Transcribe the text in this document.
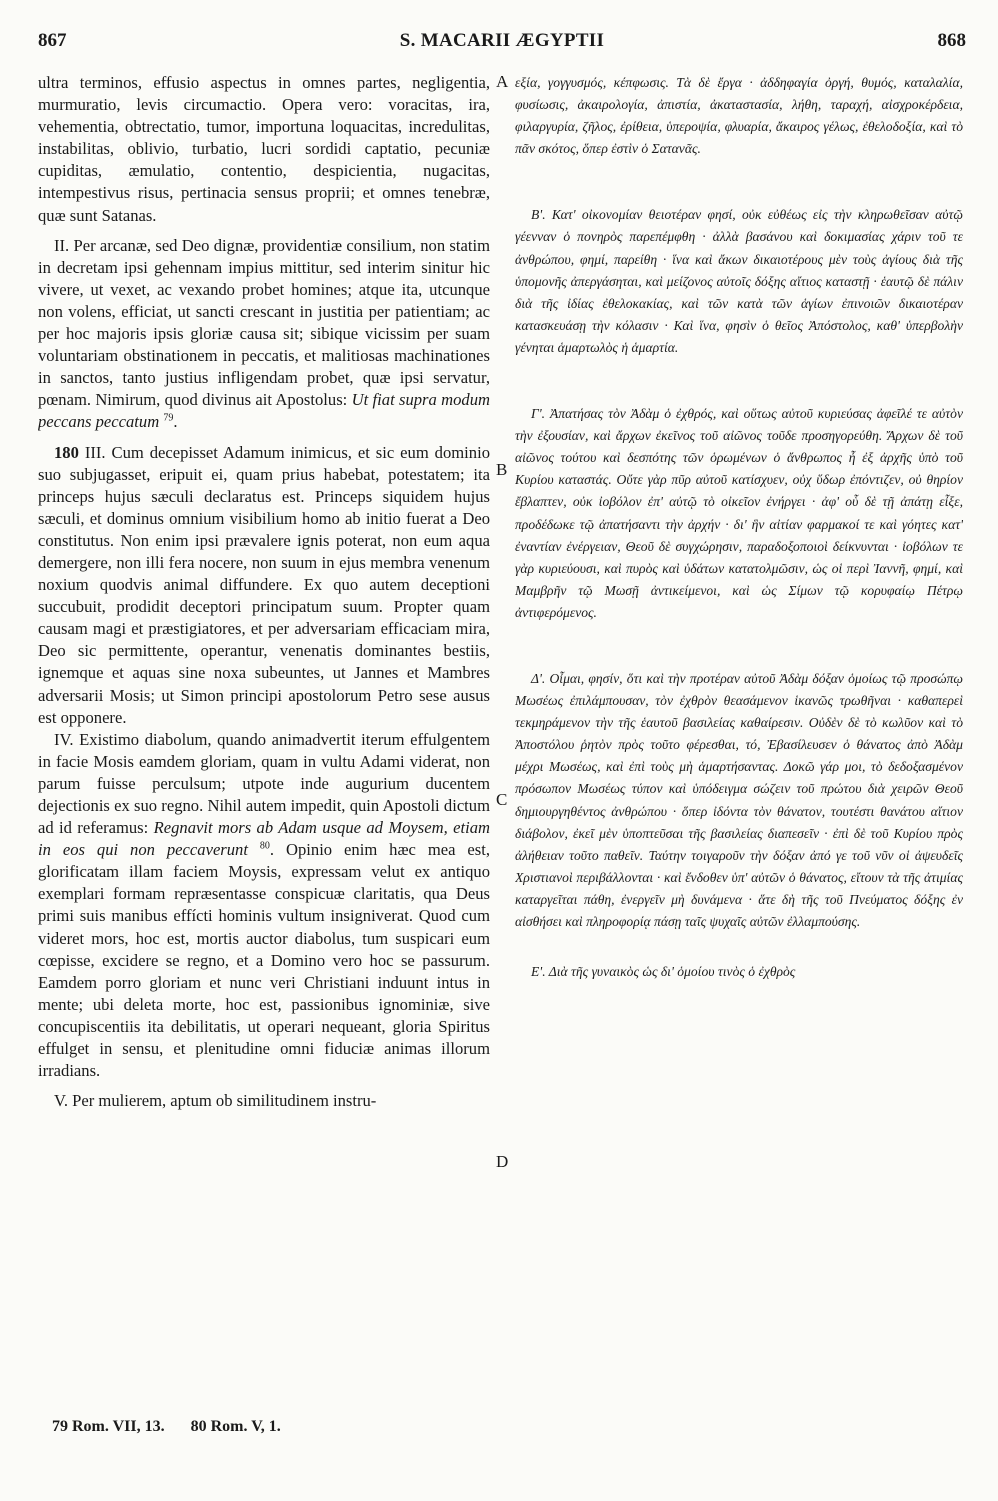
867	S. MACARII ÆGYPTII	868

ultra terminos, effusio aspectus in omnes partes, negligentia, murmuratio, levis circumactio. Opera vero: voracitas, ira, vehementia, obtrectatio, tumor, importuna loquacitas, incredulitas, instabilitas, oblivio, turbatio, lucri sordidi captatio, pecuniæ cupiditas, æmulatio, contentio, despicientia, nugacitas, intempestivus risus, pertinacia sensus proprii; et omnes tenebræ, quæ sunt Satanas.

II. Per arcanæ, sed Deo dignæ, providentiæ consilium, non statim in decretam ipsi gehennam impius mittitur, sed interim sinitur hic vivere, ut vexet, ac vexando probet homines; atque ita, utcunque non volens, efficiat, ut sancti crescant in justitia per patientiam; ac per hoc majoris ipsis gloriæ causa sit; sibique vicissim per suam voluntariam obstinationem in peccatis, et malitiosas machinationes in sanctos, tanto justius infligendam probet, quæ ipsi servatur, pœnam. Nimirum, quod divinus ait Apostolus: Ut fiat supra modum peccans peccatum $^{79}$.

180 III. Cum decepisset Adamum inimicus, et sic eum dominio suo subjugasset, eripuit ei, quam prius habebat, potestatem; ita princeps hujus sæculi declaratus est. Princeps siquidem hujus sæculi, et dominus omnium visibilium homo ab initio fuerat a Deo constitutus. Non enim ipsi prævalere ignis poterat, non eum aqua demergere, non illi fera nocere, non suum in ejus membra venenum noxium quodvis animal diffundere. Ex quo autem deceptioni succubuit, prodidit deceptori principatum suum. Propter quam causam magi et præstigiatores, et per adversariam efficaciam mira, Deo sic permittente, operantur, venenatis dominantes bestiis, ignemque et aquas sine noxa subeuntes, ut Jannes et Mambres adversarii Mosis; ut Simon principi apostolorum Petro sese ausus est opponere.

IV. Existimo diabolum, quando animadvertit iterum effulgentem in facie Mosis eamdem gloriam, quam in vultu Adami viderat, non parum fuisse perculsum; utpote inde augurium ducentem dejectionis ex suo regno. Nihil autem impedit, quin Apostoli dictum ad id referamus: Regnavit mors ab Adam usque ad Moysem, etiam in eos qui non peccaverunt $^{80}$. Opinio enim hæc mea est, glorificatam illam faciem Moysis, expressam velut ex antiquo exemplari formam repræsentasse conspicuæ claritatis, qua Deus primi suis manibus effícti hominis vultum insigniverat. Quod cum videret mors, hoc est, mortis auctor diabolus, tum suspicari eum cœpisse, excidere se regno, et a Domino vero hoc se passurum. Eamdem porro gloriam et nunc veri Christiani induunt intus in mente; ubi deleta morte, hoc est, passionibus ignominiæ, sive concupiscentiis ita debilitatis, ut operari nequeant, gloria Spiritus effulget in sensu, et plenitudine omni fiduciæ animas illorum irradians.

V. Per mulierem, aptum ob similitudinem instru-

A
B
C
D

εξία, γογγυσμός, κέπφωσις. Τὰ δὲ ἔργα · ἀδδηφαγία ὀργή, θυμός, καταλαλία, φυσίωσις, ἀκαιρολογία, ἀπιστία, ἀκαταστασία, λήθη, ταραχή, αἰσχροκέρδεια, φιλαργυρία, ζῆλος, ἐρίθεια, ὑπεροψία, φλυαρία, ἄκαιρος γέλως, ἐθελοδοξία, καὶ τὸ πᾶν σκότος, ὅπερ ἐστὶν ὁ Σατανᾶς.

Β'. Κατ' οἰκονομίαν θειοτέραν φησί, οὐκ εὐθέως εἰς τὴν κληρωθεῖσαν αὐτῷ γέενναν ὁ πονηρὸς παρεπέμφθη · ἀλλὰ βασάνου καὶ δοκιμασίας χάριν τοῦ τε ἀνθρώπου, φημί, παρείθη · ἵνα καὶ ἄκων δικαιοτέρους μὲν τοὺς ἁγίους διὰ τῆς ὑπομονῆς ἀπεργάσηται, καὶ μείζονος αὐτοῖς δόξης αἴτιος καταστῇ · ἑαυτῷ δὲ πάλιν διὰ τῆς ἰδίας ἐθελοκακίας, καὶ τῶν κατὰ τῶν ἁγίων ἐπινοιῶν δικαιοτέραν κατασκευάσῃ τὴν κόλασιν · Καὶ ἵνα, φησὶν ὁ θεῖος Ἀπόστολος, καθ' ὑπερβολὴν γένηται ἁμαρτωλὸς ἡ ἁμαρτία.

Γ'. Ἀπατήσας τὸν Ἀδὰμ ὁ ἐχθρός, καὶ οὕτως αὐτοῦ κυριεύσας ἀφεῖλέ τε αὐτὸν τὴν ἐξουσίαν, καὶ ἄρχων ἐκεῖνος τοῦ αἰῶνος τοῦδε προσηγορεύθη. Ἄρχων δὲ τοῦ αἰῶνος τούτου καὶ δεσπότης τῶν ὁρωμένων ὁ ἄνθρωπος ἦ ἐξ ἀρχῆς ὑπὸ τοῦ Κυρίου καταστάς. Οὔτε γὰρ πῦρ αὐτοῦ κατίσχυεν, οὐχ ὕδωρ ἐπόντιζεν, οὐ θηρίον ἔβλαπτεν, οὐκ ἰοβόλον ἐπ' αὐτῷ τὸ οἰκεῖον ἐνήργει · ἀφ' οὗ δὲ τῇ ἀπάτῃ εἶξε, προδέδωκε τῷ ἀπατήσαντι τὴν ἀρχήν · δι' ἣν αἰτίαν φαρμακοί τε καὶ γόητες κατ' ἐναντίαν ἐνέργειαν, Θεοῦ δὲ συγχώρησιν, παραδοξοποιοὶ δείκνυνται · ἰοβόλων τε γὰρ κυριεύουσι, καὶ πυρὸς καὶ ὑδάτων κατατολμῶσιν, ὡς οἱ περὶ Ἰαννῆ, φημί, καὶ Μαμβρῆν τῷ Μωσῇ ἀντικείμενοι, καὶ ὡς Σίμων τῷ κορυφαίῳ Πέτρῳ ἀντιφερόμενος.

Δ'. Οἶμαι, φησίν, ὅτι καὶ τὴν προτέραν αὐτοῦ Ἀδὰμ δόξαν ὁμοίως τῷ προσώπῳ Μωσέως ἐπιλάμπουσαν, τὸν ἐχθρὸν θεασάμενον ἱκανῶς τρωθῆναι · καθαπερεὶ τεκμηράμενον τὴν τῆς ἑαυτοῦ βασιλείας καθαίρεσιν. Οὐδὲν δὲ τὸ κωλῦον καὶ τὸ Ἀποστόλου ῥητὸν πρὸς τοῦτο φέρεσθαι, τό, Ἐβασίλευσεν ὁ θάνατος ἀπὸ Ἀδὰμ μέχρι Μωσέως, καὶ ἐπὶ τοὺς μὴ ἁμαρτήσαντας. Δοκῶ γάρ μοι, τὸ δεδοξασμένον πρόσωπον Μωσέως τύπον καὶ ὑπόδειγμα σώζειν τοῦ πρώτου διὰ χειρῶν Θεοῦ δημιουργηθέντος ἀνθρώπου · ὅπερ ἰδόντα τὸν θάνατον, τουτέστι θανάτου αἴτιον διάβολον, ἐκεῖ μὲν ὑποπτεῦσαι τῆς βασιλείας διαπεσεῖν · ἐπὶ δὲ τοῦ Κυρίου πρὸς ἀλήθειαν τοῦτο παθεῖν. Ταύτην τοιγαροῦν τὴν δόξαν ἀπό γε τοῦ νῦν οἱ ἀψευδεῖς Χριστιανοὶ περιβάλλονται · καὶ ἔνδοθεν ὑπ' αὐτῶν ὁ θάνατος, εἴτουν τὰ τῆς ἀτιμίας καταργεῖται πάθη, ἐνεργεῖν μὴ δυνάμενα · ἅτε δὴ τῆς τοῦ Πνεύματος δόξης ἐν αἰσθήσει καὶ πληροφορίᾳ πάσῃ ταῖς ψυχαῖς αὐτῶν ἐλλαμπούσης.

Ε'. Διὰ τῆς γυναικὸς ὡς δι' ὁμοίου τινὸς ὁ ἐχθρὸς

79 Rom. VII, 13. 80 Rom. V, 1.
